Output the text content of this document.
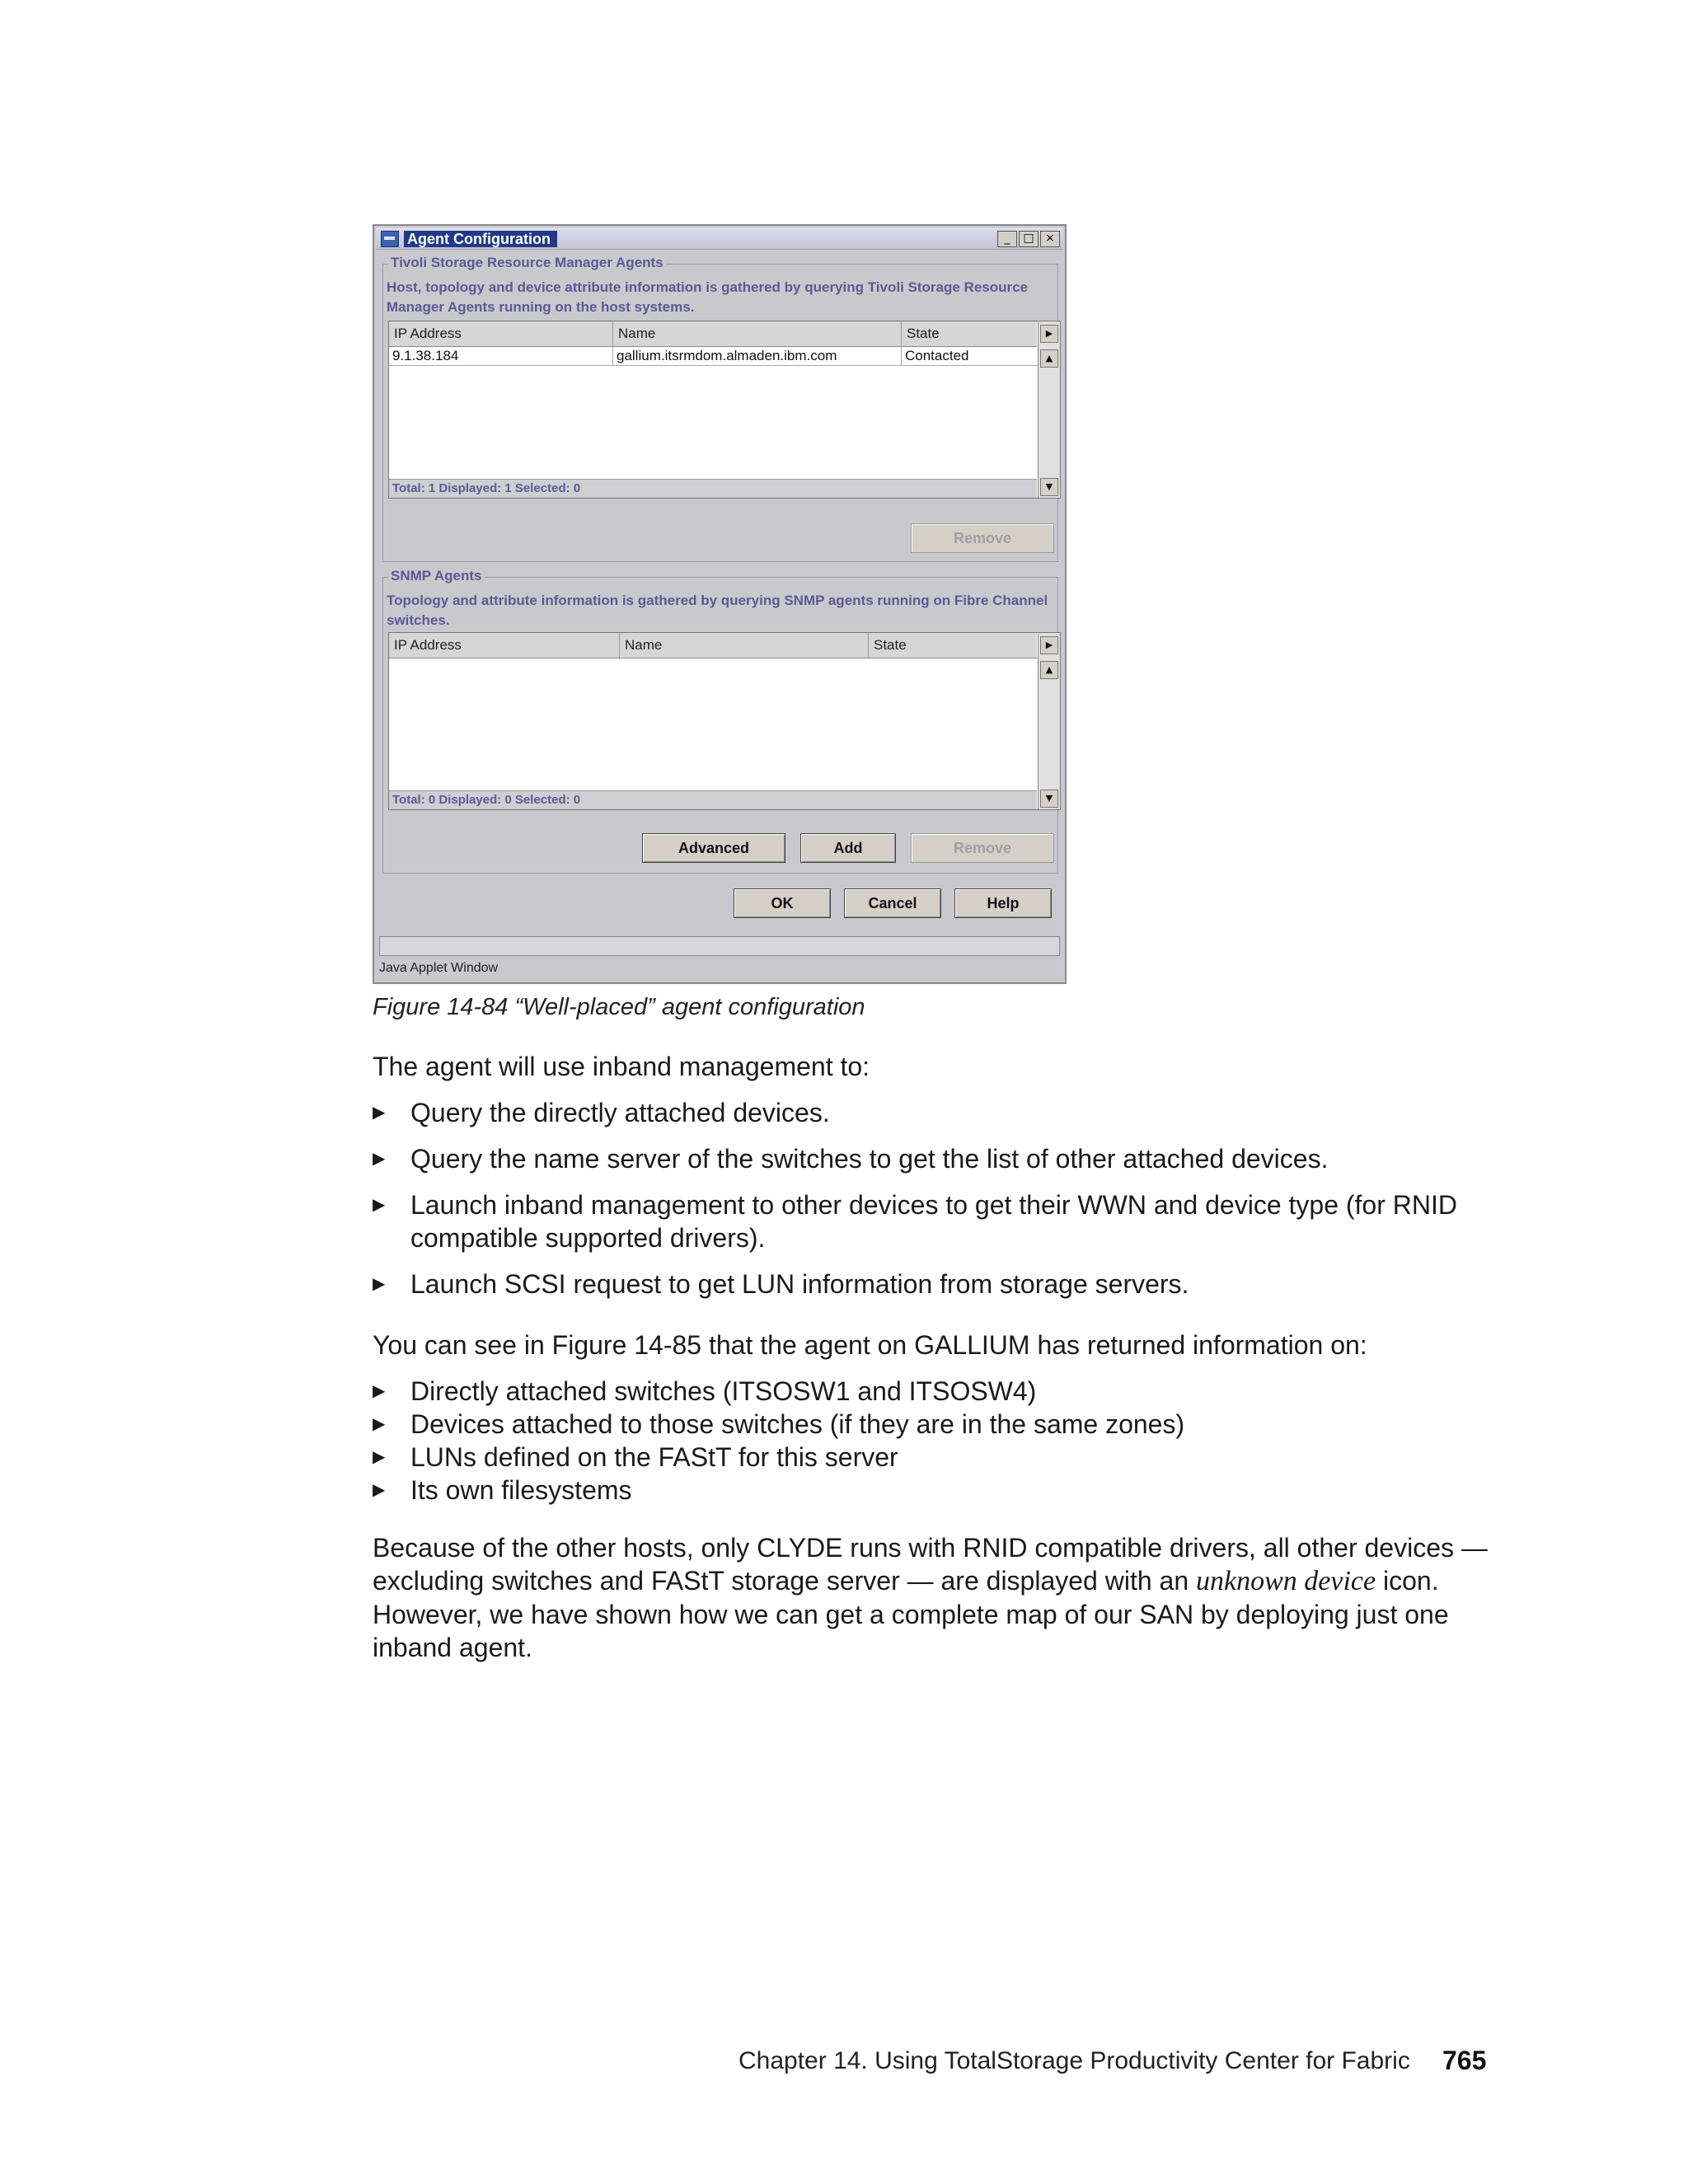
Agent Configuration	_	□ ×
Tivoli Storage Resource Manager Agents
Host, topology and device attribute information is gathered by querying Tivoli Storage Resource Manager Agents running on the host systems.
IP Address	Name	State
9.1.38.184	gallium.itsrmdom.almaden.ibm.com	Contacted
▶
▲
▼
Total: 1 Displayed: 1 Selected: 0
Remove
SNMP Agents
Topology and attribute information is gathered by querying SNMP agents running on Fibre Channel switches.
IP Address	Name	State	▶
▲
▼
Total: 0 Displayed: 0 Selected: 0
Advanced	Add	Remove
OK	Cancel	Help
Java Applet Window
Figure 14-84 “Well-placed” agent configuration
The agent will use inband management to:
▶ Query the directly attached devices.
▶ Query the name server of the switches to get the list of other attached devices.
▶ Launch inband management to other devices to get their WWN and device type (for RNID compatible supported drivers).
▶ Launch SCSI request to get LUN information from storage servers.
You can see in Figure 14-85 that the agent on GALLIUM has returned information on:
▶ Directly attached switches (ITSOSW1 and ITSOSW4)
▶ Devices attached to those switches (if they are in the same zones)
▶ LUNs defined on the FAStT for this server
▶ Its own filesystems
Because of the other hosts, only CLYDE runs with RNID compatible drivers, all other devices — excluding switches and FAStT storage server — are displayed with an unknown device icon. However, we have shown how we can get a complete map of our SAN by deploying just one inband agent.
Chapter 14. Using TotalStorage Productivity Center for Fabric 765
